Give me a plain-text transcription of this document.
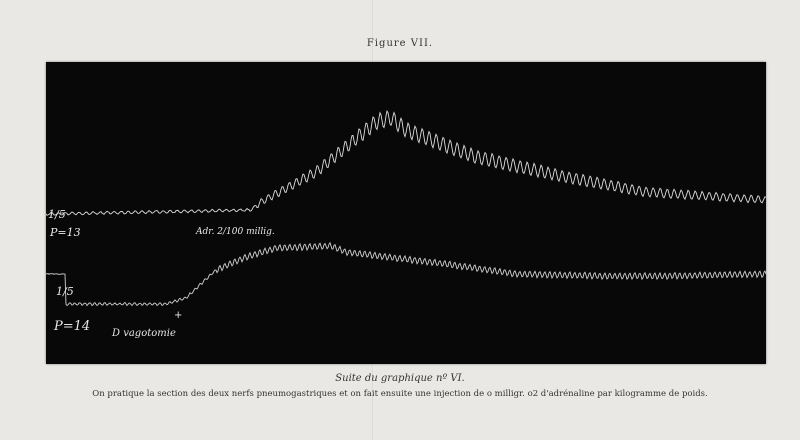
Figure VII.
1/5
P=13	Adr. 2/100 millig.
1/5
P=14 D vagotomie
+
Suite du graphique nº VI.
On pratique la section des deux nerfs pneumogastriques et on fait ensuite une injection de o milligr. o2 d'adrénaline par kilogramme de poids.
